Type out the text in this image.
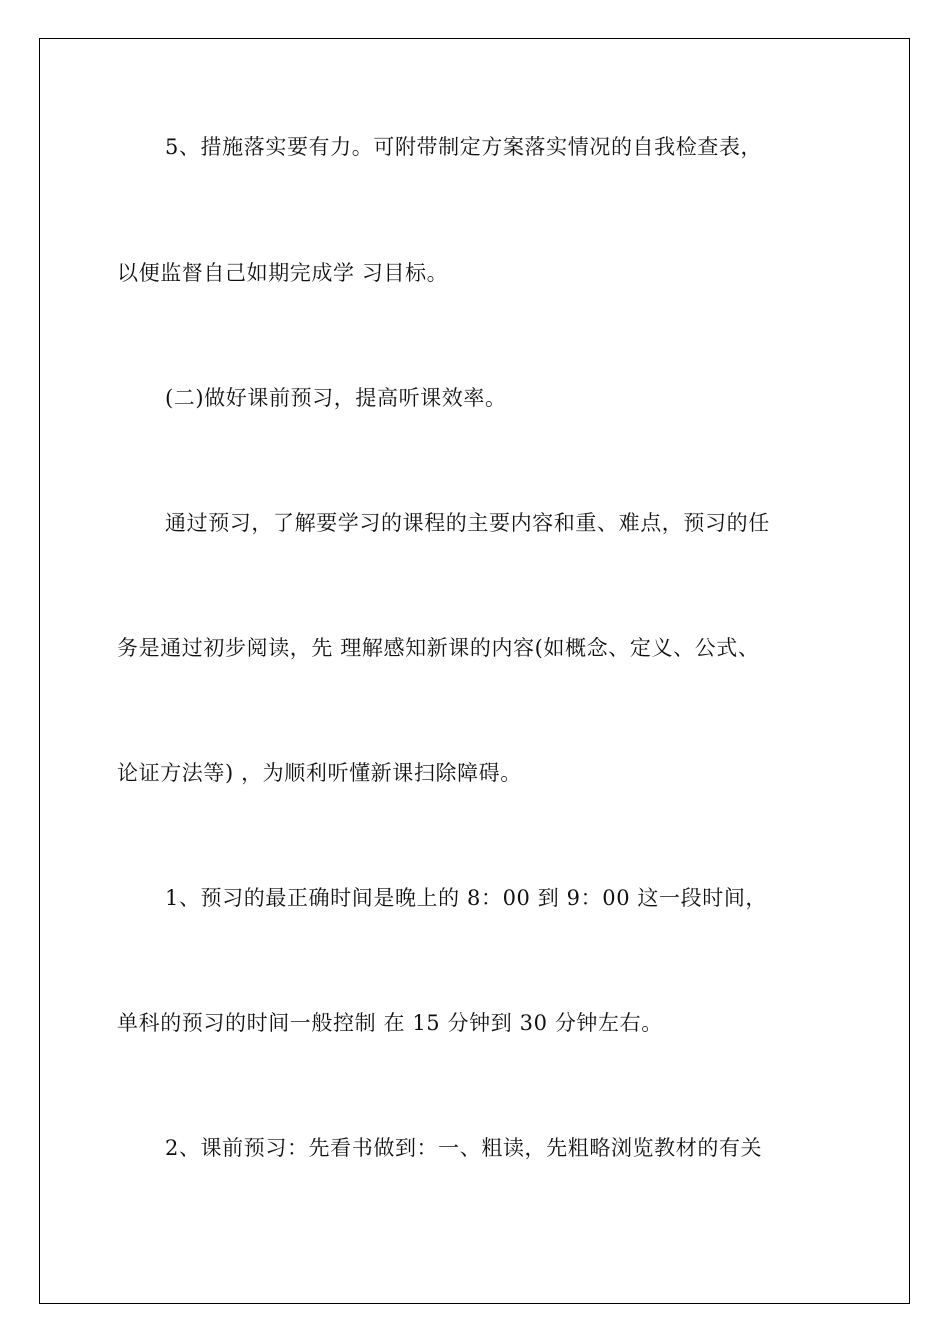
5、措施落实要有力。可附带制定方案落实情况的自我检查表，
以便监督自己如期完成学 习目标。
(二)做好课前预习，提高听课效率。
通过预习，了解要学习的课程的主要内容和重、难点，预习的任
务是通过初步阅读，先 理解感知新课的内容(如概念、定义、公式、
论证方法等) ，为顺利听懂新课扫除障碍。
1、预习的最正确时间是晚上的 8：00 到 9：00 这一段时间，
单科的预习的时间一般控制 在 15 分钟到 30 分钟左右。
2、课前预习：先看书做到：一、粗读，先粗略浏览教材的有关
